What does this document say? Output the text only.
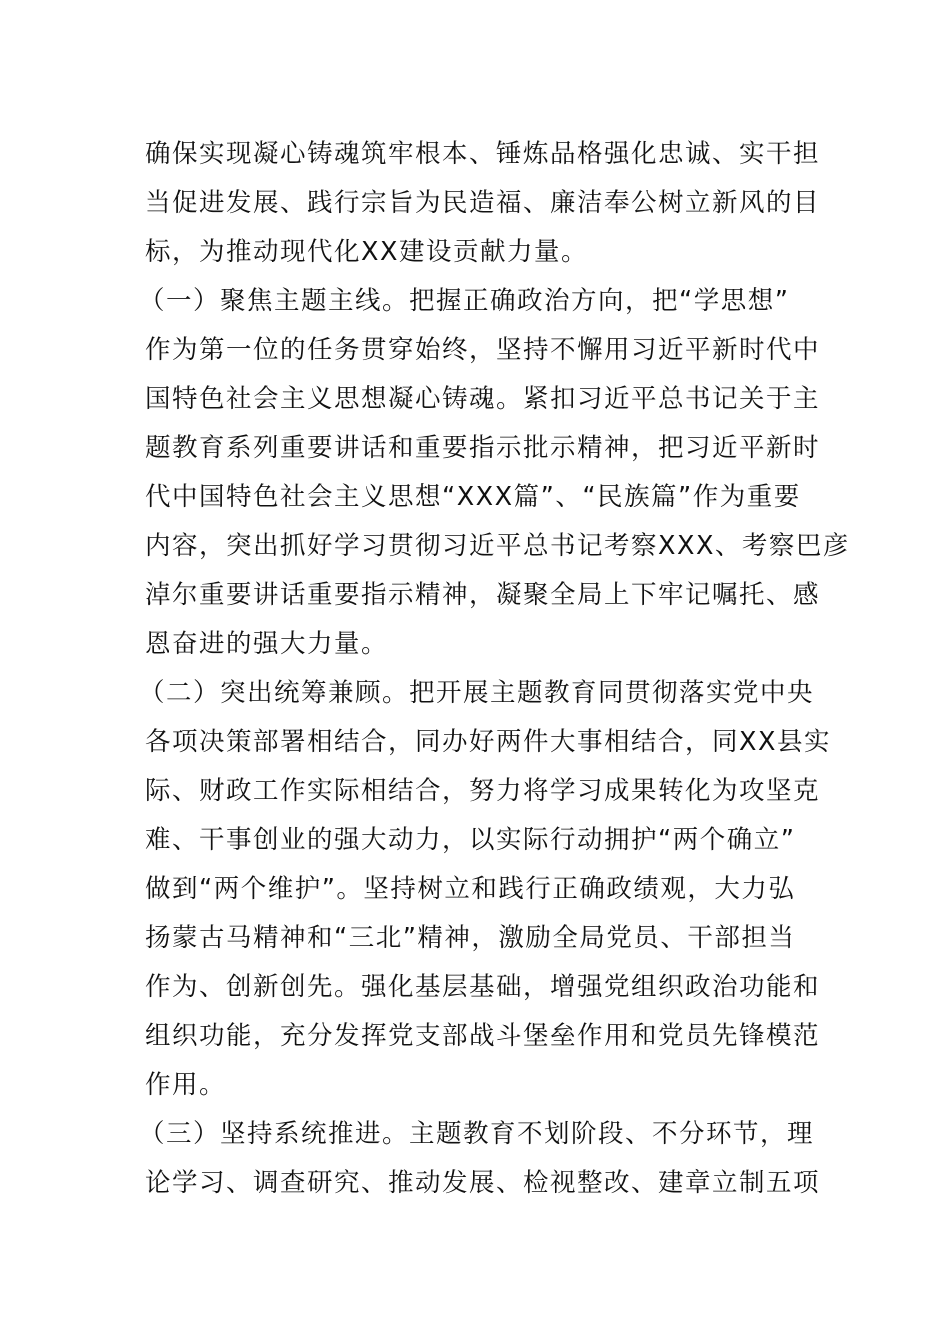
确保实现凝心铸魂筑牢根本、锤炼品格强化忠诚、实干担
当促进发展、践行宗旨为民造福、廉洁奉公树立新风的目
标，为推动现代化XX建设贡献力量。
（一）聚焦主题主线。把握正确政治方向，把“学思想”
作为第一位的任务贯穿始终，坚持不懈用习近平新时代中
国特色社会主义思想凝心铸魂。紧扣习近平总书记关于主
题教育系列重要讲话和重要指示批示精神，把习近平新时
代中国特色社会主义思想“XXX篇”、“民族篇”作为重要
内容，突出抓好学习贯彻习近平总书记考察XXX、考察巴彦
淖尔重要讲话重要指示精神，凝聚全局上下牢记嘱托、感
恩奋进的强大力量。
（二）突出统筹兼顾。把开展主题教育同贯彻落实党中央
各项决策部署相结合，同办好两件大事相结合，同XX县实
际、财政工作实际相结合，努力将学习成果转化为攻坚克
难、干事创业的强大动力，以实际行动拥护“两个确立”
做到“两个维护”。坚持树立和践行正确政绩观，大力弘
扬蒙古马精神和“三北”精神，激励全局党员、干部担当
作为、创新创先。强化基层基础，增强党组织政治功能和
组织功能，充分发挥党支部战斗堡垒作用和党员先锋模范
作用。
（三）坚持系统推进。主题教育不划阶段、不分环节，理
论学习、调查研究、推动发展、检视整改、建章立制五项
